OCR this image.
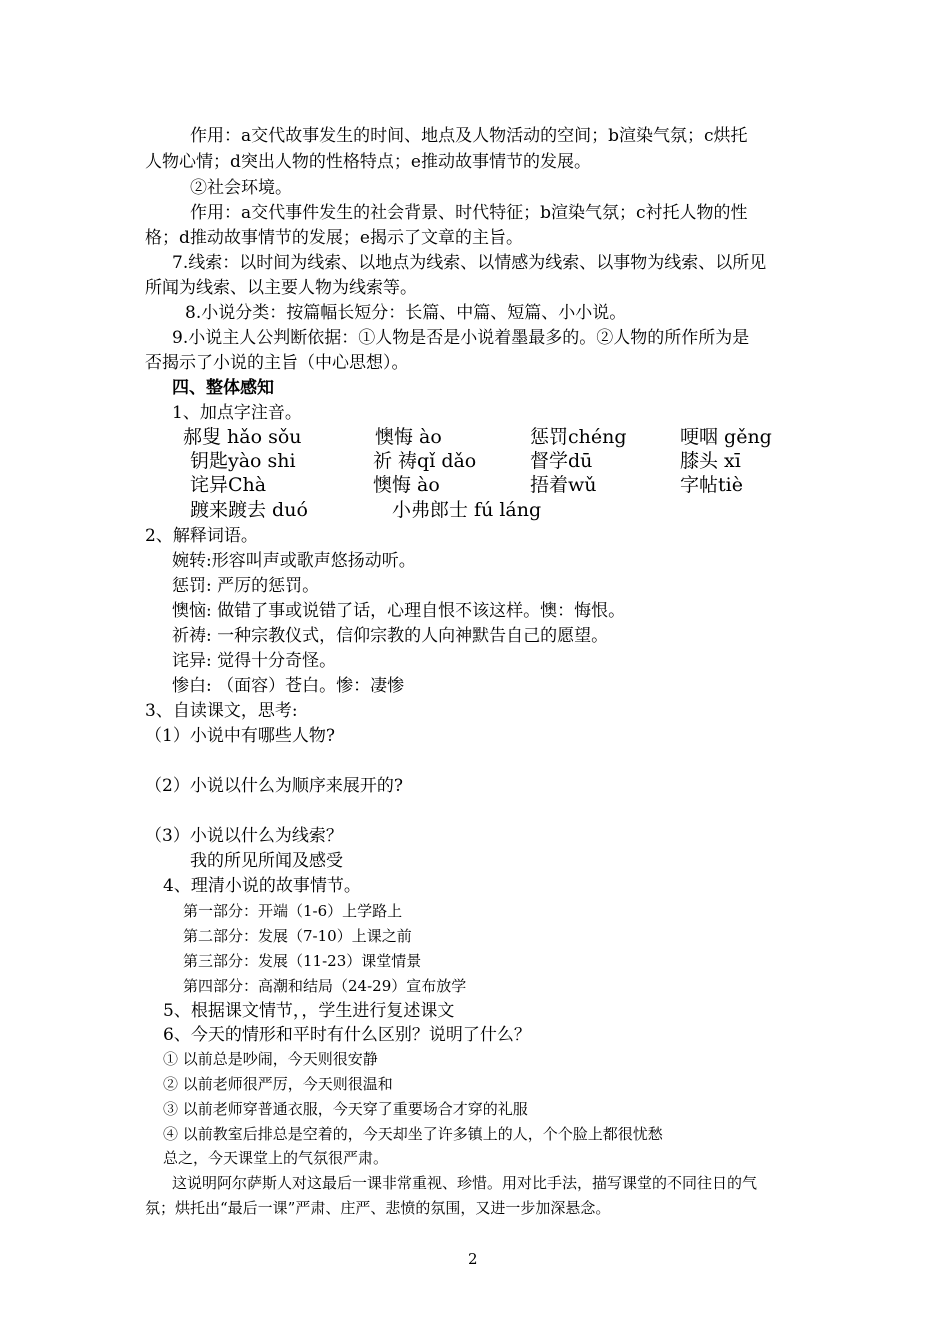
作用：a交代故事发生的时间、地点及人物活动的空间；b渲染气氛；c烘托
人物心情；d突出人物的性格特点；e推动故事情节的发展。
②社会环境。
作用：a交代事件发生的社会背景、时代特征；b渲染气氛；c衬托人物的性
格；d推动故事情节的发展；e揭示了文章的主旨。
7.线索：以时间为线索、以地点为线索、以情感为线索、以事物为线索、以所见
所闻为线索、以主要人物为线索等。
8.小说分类：按篇幅长短分：长篇、中篇、短篇、小小说。
9.小说主人公判断依据：①人物是否是小说着墨最多的。②人物的所作所为是
否揭示了小说的主旨（中心思想）。
四、整体感知
1、加点字注音。
郝叟 hǎo sǒu	懊悔 ào	惩罚chéng	哽咽 gěng
钥匙yào shi	祈 祷qǐ dǎo	督学dū	膝头 xī
诧异Chà	懊悔 ào	捂着wǔ	字帖tiè
踱来踱去 duó	小弗郎士 fú láng
2、解释词语。
婉转:形容叫声或歌声悠扬动听。
惩罚: 严厉的惩罚。
懊恼: 做错了事或说错了话，心理自恨不该这样。懊：悔恨。
祈祷: 一种宗教仪式，信仰宗教的人向神默告自己的愿望。
诧异: 觉得十分奇怪。
惨白: （面容）苍白。惨：凄惨
3、自读课文，思考:
（1）小说中有哪些人物?
（2）小说以什么为顺序来展开的?
（3）小说以什么为线索？
我的所见所闻及感受
4、理清小说的故事情节。
第一部分：开端（1-6）上学路上
第二部分：发展（7-10）上课之前
第三部分：发展（11-23）课堂情景
第四部分：高潮和结局（24-29）宣布放学
5、根据课文情节，，学生进行复述课文
6、今天的情形和平时有什么区别？说明了什么？
① 以前总是吵闹，今天则很安静
② 以前老师很严厉，今天则很温和
③ 以前老师穿普通衣服，今天穿了重要场合才穿的礼服
④ 以前教室后排总是空着的，今天却坐了许多镇上的人，个个脸上都很忧愁
总之，今天课堂上的气氛很严肃。
这说明阿尔萨斯人对这最后一课非常重视、珍惜。用对比手法，描写课堂的不同往日的气
氛；烘托出“最后一课”严肃、庄严、悲愤的氛围，又进一步加深悬念。
2
